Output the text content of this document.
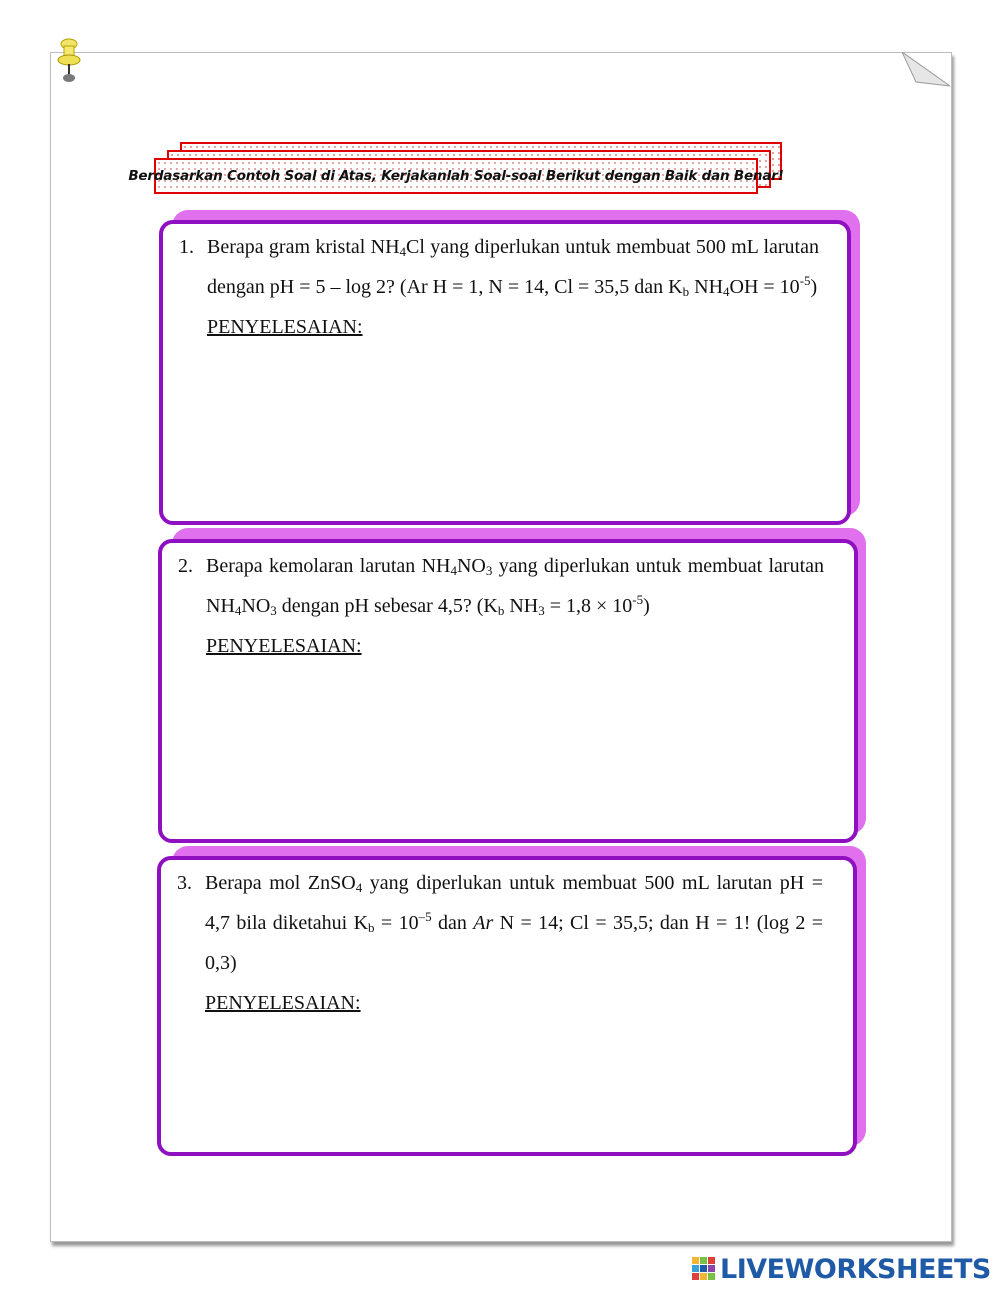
Berdasarkan Contoh Soal di Atas, Kerjakanlah Soal-soal Berikut dengan Baik dan Benar!
1. Berapa gram kristal $NH_4Cl$ yang diperlukan untuk membuat 500 mL larutan dengan pH = 5 – log 2? (Ar H = 1, N = 14, Cl = 35,5 dan $K_b$ $NH_4OH = 10^{-5}$)
PENYELESAIAN:
2. Berapa kemolaran larutan $NH_4NO_3$ yang diperlukan untuk membuat larutan $NH_4NO_3$ dengan pH sebesar 4,5? ($K_b$ $NH_3 = 1,8 \times 10^{-5}$)
PENYELESAIAN:
3. Berapa mol ZnSO$_4$ yang diperlukan untuk membuat 500 mL larutan pH = 4,7 bila diketahui $K_b = 10^{-5}$ dan Ar N = 14; Cl = 35,5; dan H = 1! (log 2 = 0,3)
PENYELESAIAN:
LIVEWORKSHEETS
